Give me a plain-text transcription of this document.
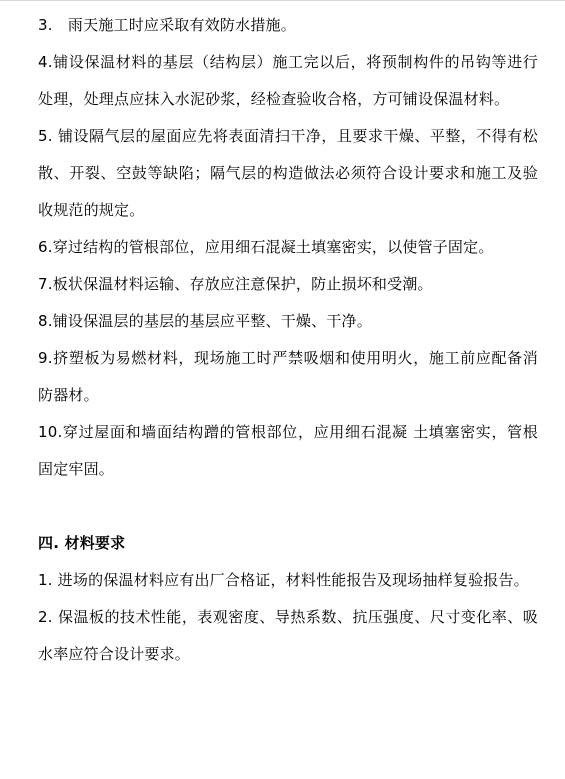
3.　雨天施工时应采取有效防水措施。

4.铺设保温材料的基层（结构层）施工完以后，将预制构件的吊钩等进行处理，处理点应抹入水泥砂浆，经检查验收合格，方可铺设保温材料。

5. 铺设隔气层的屋面应先将表面清扫干净，且要求干燥、平整，不得有松散、开裂、空鼓等缺陷；隔气层的构造做法必须符合设计要求和施工及验收规范的规定。

6.穿过结构的管根部位，应用细石混凝土填塞密实，以使管子固定。

7.板状保温材料运输、存放应注意保护，防止损坏和受潮。

8.铺设保温层的基层的基层应平整、干燥、干净。

9.挤塑板为易燃材料，现场施工时严禁吸烟和使用明火，施工前应配备消防器材。

10.穿过屋面和墙面结构蹭的管根部位，应用细石混凝 土填塞密实，管根固定牢固。

四. 材料要求

1. 进场的保温材料应有出厂合格证，材料性能报告及现场抽样复验报告。

2. 保温板的技术性能，表观密度、导热系数、抗压强度、尺寸变化率、吸水率应符合设计要求。
